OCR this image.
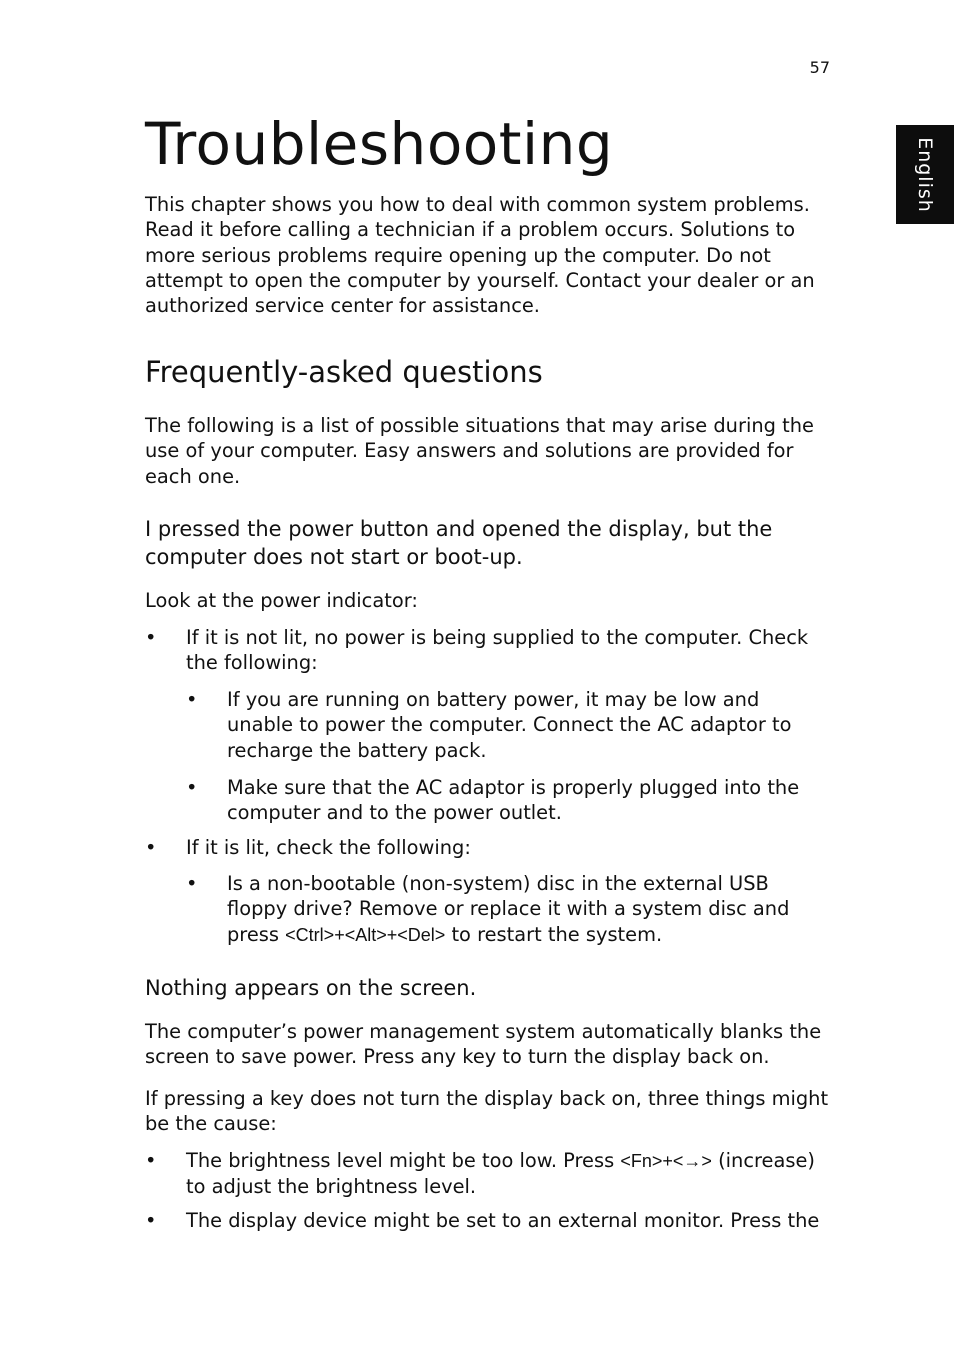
57
English
Troubleshooting

This chapter shows you how to deal with common system problems. Read it before calling a technician if a problem occurs. Solutions to more serious problems require opening up the computer. Do not attempt to open the computer by yourself. Contact your dealer or an authorized service center for assistance.

Frequently-asked questions

The following is a list of possible situations that may arise during the use of your computer. Easy answers and solutions are provided for each one.

I pressed the power button and opened the display, but the computer does not start or boot-up.

Look at the power indicator:

• If it is not lit, no power is being supplied to the computer. Check the following:
• If you are running on battery power, it may be low and unable to power the computer. Connect the AC adaptor to recharge the battery pack.
• Make sure that the AC adaptor is properly plugged into the computer and to the power outlet.
• If it is lit, check the following:
• Is a non-bootable (non-system) disc in the external USB floppy drive? Remove or replace it with a system disc and press <Ctrl>+<Alt>+<Del> to restart the system.
Nothing appears on the screen.

The computer’s power management system automatically blanks the screen to save power. Press any key to turn the display back on.

If pressing a key does not turn the display back on, three things might be the cause:

• The brightness level might be too low. Press <Fn>+<→> (increase) to adjust the brightness level.
• The display device might be set to an external monitor. Press the
